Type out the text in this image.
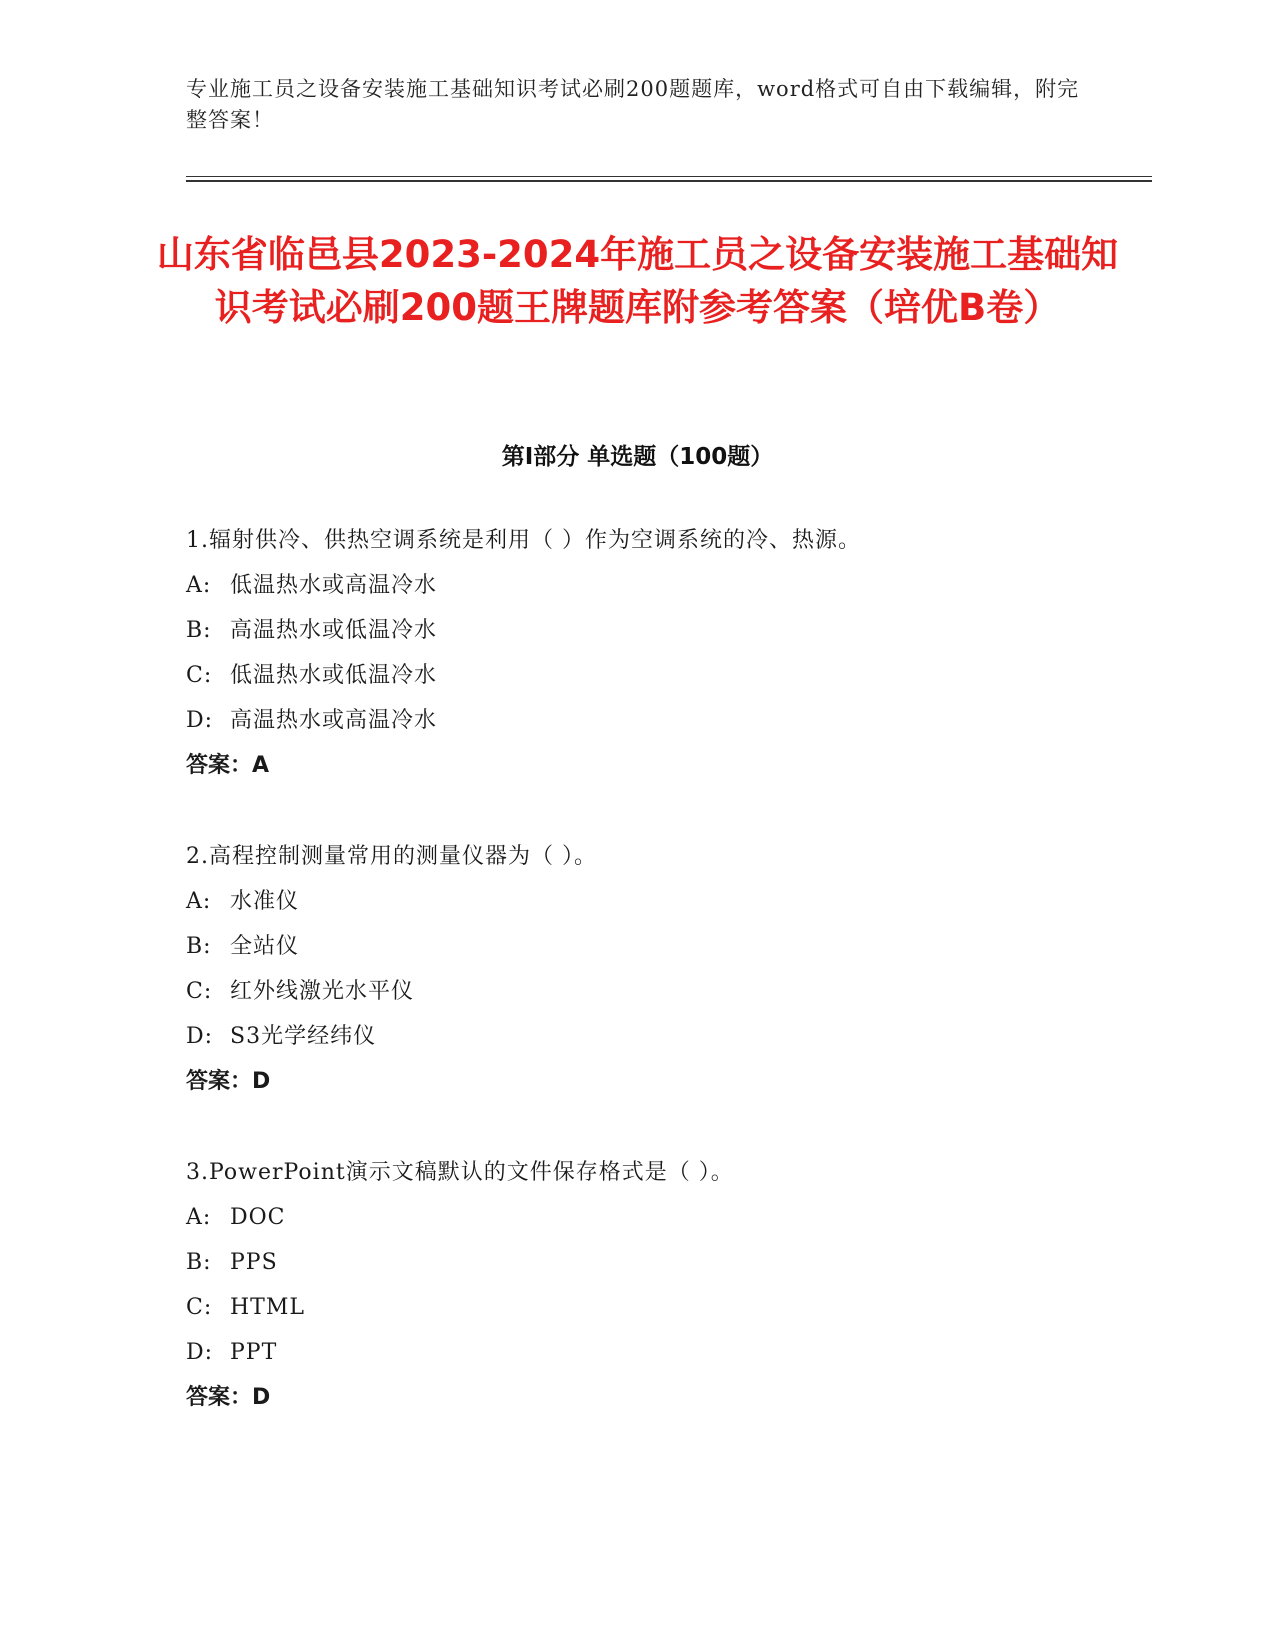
专业施工员之设备安装施工基础知识考试必刷200题题库，word格式可自由下载编辑，附完整答案！
山东省临邑县2023-2024年施工员之设备安装施工基础知识考试必刷200题王牌题库附参考答案（培优B卷）
第I部分 单选题（100题）
1.辐射供冷、供热空调系统是利用（ ）作为空调系统的冷、热源。
A: 低温热水或高温冷水
B: 高温热水或低温冷水
C: 低温热水或低温冷水
D: 高温热水或高温冷水
答案：A
2.高程控制测量常用的测量仪器为（ ）。
A: 水准仪
B: 全站仪
C: 红外线激光水平仪
D: S3光学经纬仪
答案：D
3.PowerPoint演示文稿默认的文件保存格式是（ ）。
A: DOC
B: PPS
C: HTML
D: PPT
答案：D
